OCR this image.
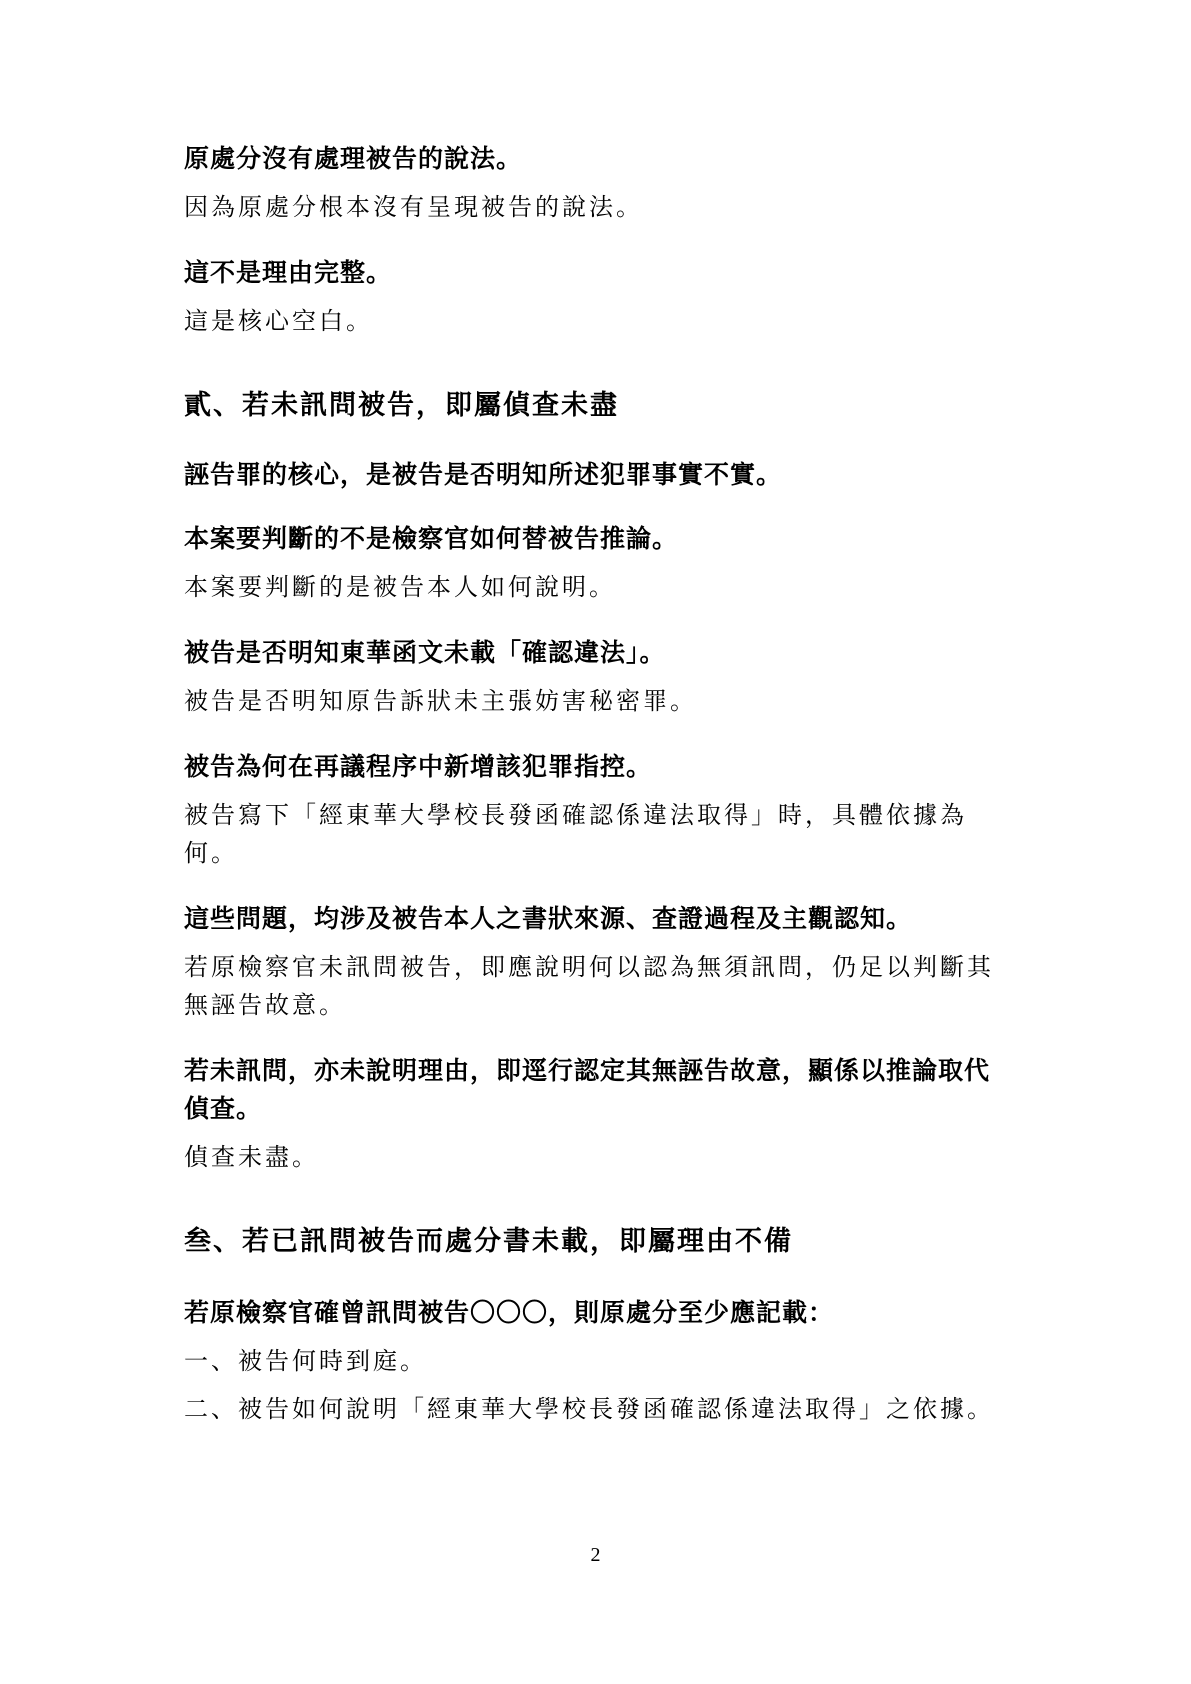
原處分沒有處理被告的說法。

因為原處分根本沒有呈現被告的說法。

這不是理由完整。

這是核心空白。

貳、若未訊問被告，即屬偵查未盡

誣告罪的核心，是被告是否明知所述犯罪事實不實。

本案要判斷的不是檢察官如何替被告推論。

本案要判斷的是被告本人如何說明。

被告是否明知東華函文未載「確認違法」。

被告是否明知原告訴狀未主張妨害秘密罪。

被告為何在再議程序中新增該犯罪指控。

被告寫下「經東華大學校長發函確認係違法取得」時，具體依據為何。

這些問題，均涉及被告本人之書狀來源、查證過程及主觀認知。

若原檢察官未訊問被告，即應說明何以認為無須訊問，仍足以判斷其無誣告故意。

若未訊問，亦未說明理由，即逕行認定其無誣告故意，顯係以推論取代偵查。

偵查未盡。

叁、若已訊問被告而處分書未載，即屬理由不備

若原檢察官確曾訊問被告〇〇〇，則原處分至少應記載：

一、 被告何時到庭。
二、 被告如何說明「經東華大學校長發函確認係違法取得」之依據。
2
